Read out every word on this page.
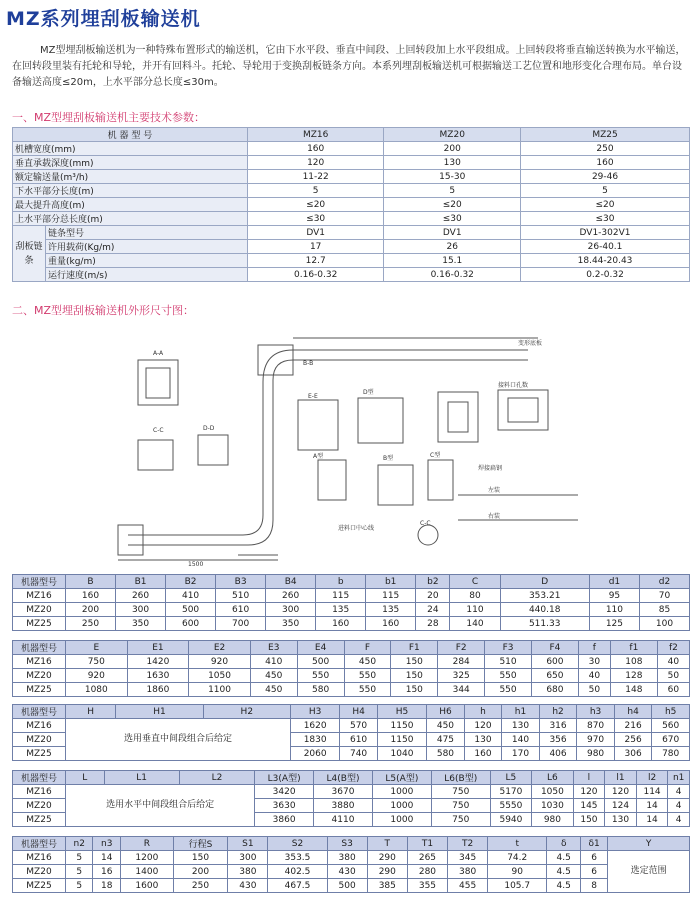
MZ系列埋刮板输送机
MZ型埋刮板输送机为一种特殊布置形式的输送机，它由下水平段、垂直中间段、上回转段加上水平段组成。上回转段将垂直输送转换为水平输送，在回转段里装有托轮和导轮，并开有回料斗。托轮、导轮用于变换刮板链条方向。本系列埋刮板输送机可根据输送工艺位置和地形变化合理布局。单台设备输送高度≤20m，上水平部分总长度≤30m。
一、MZ型埋刮板输送机主要技术参数：
机 器 型 号		MZ16	MZ20	MZ25
机槽宽度(mm)		160	200	250
垂直承载深度(mm)		120	130	160
额定输送量(m³/h)		11-22	15-30	29-46
下水平部分长度(m)		5	5	5
最大提升高度(m)		≤20	≤20	≤20
上水平部分总长度(m)		≤30	≤30	≤30
刮板链条	链条型号	DV1	DV1	DV1-302V1
	许用载荷(Kg/m)	17	26	26-40.1
	重量(kg/m)	12.7	15.1	18.44-20.43
	运行速度(m/s)	0.16-0.32	0.16-0.32	0.2-0.32
二、MZ型埋刮板输送机外形尺寸图：
A-A
B-B
C-C	D-D
E-E
A型	B型	C型
D型
变形底板
接料口孔数
进料口中心线
左装
右装
焊接扁钢
1500
C-C
机器型号	B	B1	B2	B3	B4	b	b1	b2	C	D	d1	d2
MZ16	160	260	410	510	260	115	115	20	80	353.21	95	70
MZ20	200	300	500	610	300	135	135	24	110	440.18	110	85
MZ25	250	350	600	700	350	160	160	28	140	511.33	125	100
机器型号	E	E1	E2	E3	E4	F	F1	F2	F3	F4	f	f1	f2
MZ16	750	1420	920	410	500	450	150	284	510	600	30	108	40
MZ20	920	1630	1050	450	550	550	150	325	550	650	40	128	50
MZ25	1080	1860	1100	450	580	550	150	344	550	680	50	148	60
机器型号	H	H1	H2	H3	H4	H5	H6	h	h1	h2	h3	h4	h5
MZ16	选用垂直中间段组合后给定			1620	570	1150	450	120	130	316	870	216	560
MZ20				1830	610	1150	475	130	140	356	970	256	670
MZ25				2060	740	1040	580	160	170	406	980	306	780
机器型号	L	L1	L2	L3(A型)	L4(B型)	L5(A型)	L6(B型)	L5	L6	l	l1	l2	n1
MZ16	选用水平中间段组合后给定			3420	3670	1000	750	5170	1050	120	120	114	4
MZ20				3630	3880	1000	750	5550	1030	145	124	14	4
MZ25				3860	4110	1000	750	5940	980	150	130	14	4
机器型号	n2	n3	R	行程S	S1	S2	S3	T	T1	T2	t	δ	δ1	Y
MZ16	5	14	1200	150	300	353.5	380	290	265	345	74.2	4.5	6	选定范围
MZ20	5	16	1400	200	380	402.5	430	290	280	380	90	4.5	6	
MZ25	5	18	1600	250	430	467.5	500	385	355	455	105.7	4.5	8	
